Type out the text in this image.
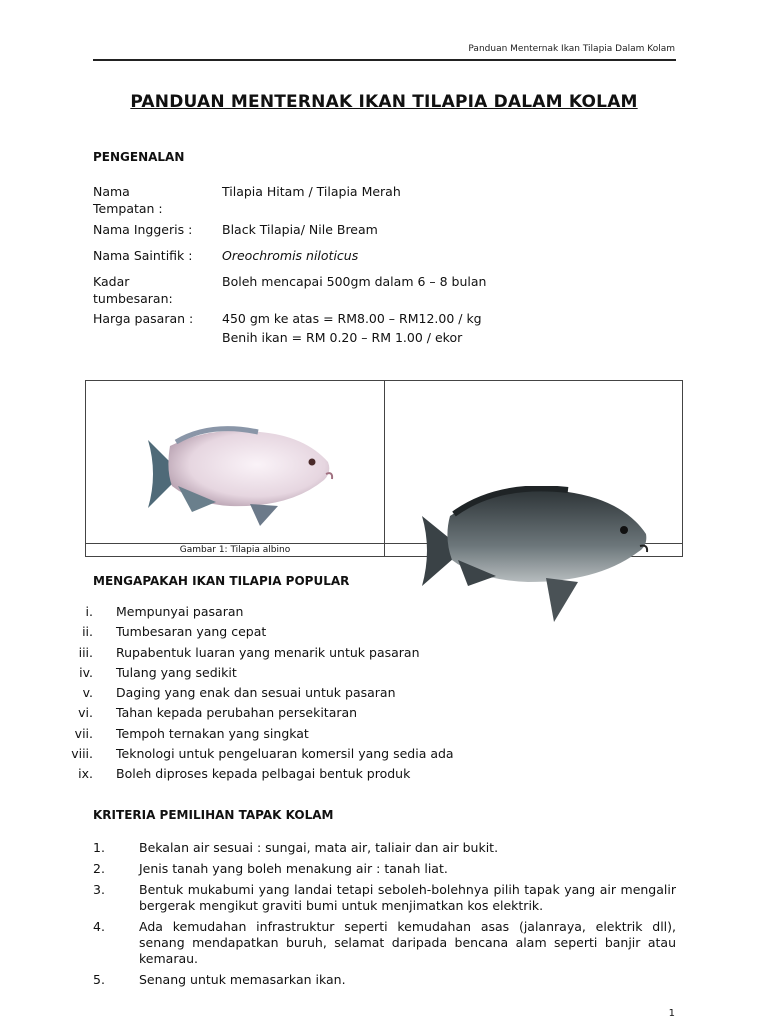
Panduan Menternak Ikan Tilapia Dalam Kolam
PANDUAN MENTERNAK IKAN TILAPIA DALAM KOLAM
PENGENALAN
Nama Tempatan :
Tilapia Hitam / Tilapia Merah
Nama Inggeris :	Black Tilapia/ Nile Bream
Nama Saintifik :	Oreochromis niloticus
Kadar tumbesaran:
Boleh mencapai 500gm dalam 6 – 8 bulan
Harga pasaran :	450 gm ke atas = RM8.00 – RM12.00 / kg
Benih ikan = RM 0.20 – RM 1.00 / ekor
Gambar 1: Tilapia albino
MENGAPAKAH IKAN TILAPIA POPULAR
i. Mempunyai pasaran
ii. Tumbesaran yang cepat
iii. Rupabentuk luaran yang menarik untuk pasaran
iv. Tulang yang sedikit
v. Daging yang enak dan sesuai untuk pasaran
vi. Tahan kepada perubahan persekitaran
vii. Tempoh ternakan yang singkat
viii. Teknologi untuk pengeluaran komersil yang sedia ada
ix. Boleh diproses kepada pelbagai bentuk produk
KRITERIA PEMILIHAN TAPAK KOLAM
1.	Bekalan air sesuai : sungai, mata air, taliair dan air bukit.
2.	Jenis tanah yang boleh menakung air : tanah liat.
3.	Bentuk mukabumi yang landai tetapi seboleh-bolehnya pilih tapak yang air mengalir bergerak mengikut graviti bumi untuk menjimatkan kos elektrik.
4.	Ada kemudahan infrastruktur seperti kemudahan asas (jalanraya, elektrik dll), senang mendapatkan buruh, selamat daripada bencana alam seperti banjir atau kemarau.
5.	Senang untuk memasarkan ikan.
1
